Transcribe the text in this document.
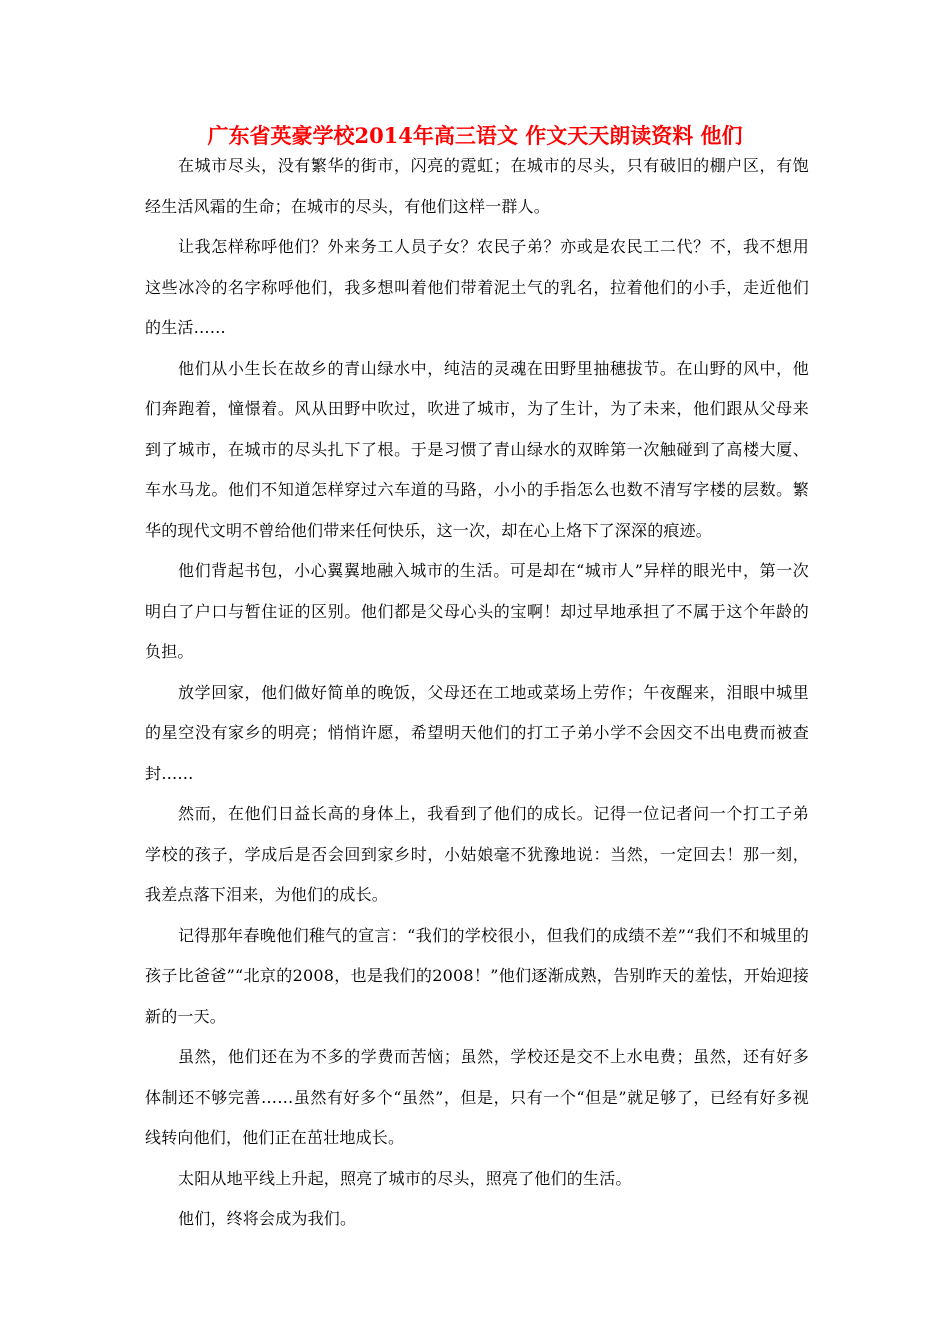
广东省英豪学校2014年高三语文 作文天天朗读资料 他们

在城市尽头，没有繁华的街市，闪亮的霓虹；在城市的尽头，只有破旧的棚户区，有饱经生活风霜的生命；在城市的尽头，有他们这样一群人。

让我怎样称呼他们？外来务工人员子女？农民子弟？亦或是农民工二代？不，我不想用这些冰冷的名字称呼他们，我多想叫着他们带着泥土气的乳名，拉着他们的小手，走近他们的生活……

他们从小生长在故乡的青山绿水中，纯洁的灵魂在田野里抽穗拔节。在山野的风中，他们奔跑着，憧憬着。风从田野中吹过，吹进了城市，为了生计，为了未来，他们跟从父母来到了城市，在城市的尽头扎下了根。于是习惯了青山绿水的双眸第一次触碰到了高楼大厦、车水马龙。他们不知道怎样穿过六车道的马路，小小的手指怎么也数不清写字楼的层数。繁华的现代文明不曾给他们带来任何快乐，这一次，却在心上烙下了深深的痕迹。

他们背起书包，小心翼翼地融入城市的生活。可是却在“城市人”异样的眼光中，第一次明白了户口与暂住证的区别。他们都是父母心头的宝啊！却过早地承担了不属于这个年龄的负担。

放学回家，他们做好简单的晚饭，父母还在工地或菜场上劳作；午夜醒来，泪眼中城里的星空没有家乡的明亮；悄悄许愿，希望明天他们的打工子弟小学不会因交不出电费而被查封……

然而，在他们日益长高的身体上，我看到了他们的成长。记得一位记者问一个打工子弟学校的孩子，学成后是否会回到家乡时，小姑娘毫不犹豫地说：当然，一定回去！那一刻，我差点落下泪来，为他们的成长。

记得那年春晚他们稚气的宣言：“我们的学校很小，但我们的成绩不差”“我们不和城里的孩子比爸爸”“北京的2008，也是我们的2008！”他们逐渐成熟，告别昨天的羞怯，开始迎接新的一天。

虽然，他们还在为不多的学费而苦恼；虽然，学校还是交不上水电费；虽然，还有好多体制还不够完善……虽然有好多个“虽然”，但是，只有一个“但是”就足够了，已经有好多视线转向他们，他们正在茁壮地成长。

太阳从地平线上升起，照亮了城市的尽头，照亮了他们的生活。

他们，终将会成为我们。
